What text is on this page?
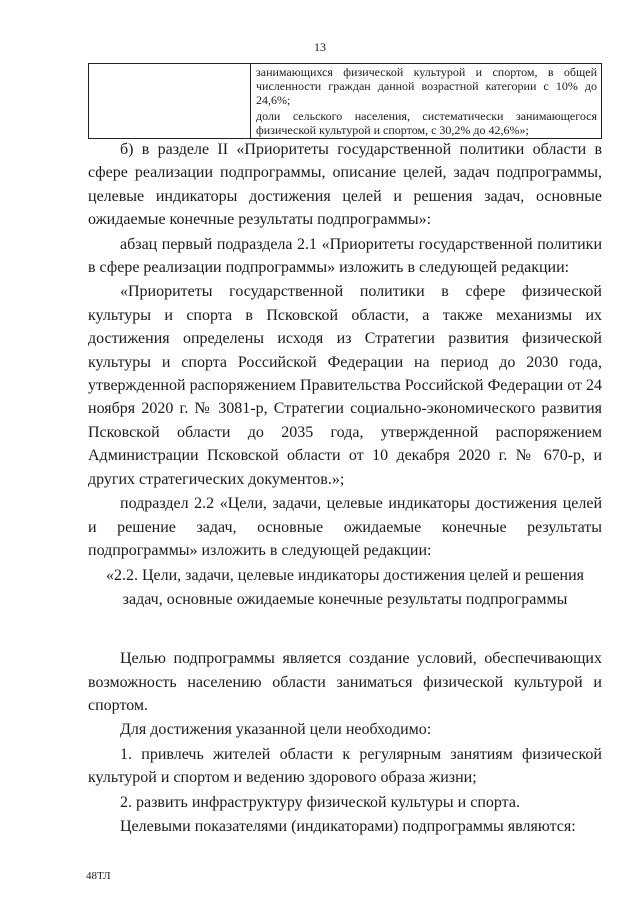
13

занимающихся физической культурой и спортом, в общей численности граждан данной возрастной категории с 10% до 24,6%;

доли сельского населения, систематически занимающегося физической культурой и спортом, с 30,2% до 42,6%»;

б) в разделе II «Приоритеты государственной политики области в сфере реализации подпрограммы, описание целей, задач подпрограммы, целевые индикаторы достижения целей и решения задач, основные ожидаемые конечные результаты подпрограммы»:

абзац первый подраздела 2.1 «Приоритеты государственной политики в сфере реализации подпрограммы» изложить в следующей редакции:

«Приоритеты государственной политики в сфере физической культуры и спорта в Псковской области, а также механизмы их достижения определены исходя из Стратегии развития физической культуры и спорта Российской Федерации на период до 2030 года, утвержденной распоряжением Правительства Российской Федерации от 24 ноября 2020 г. № 3081-р, Стратегии социально-экономического развития Псковской области до 2035 года, утвержденной распоряжением Администрации Псковской области от 10 декабря 2020 г. № 670-р, и других стратегических документов.»;

подраздел 2.2 «Цели, задачи, целевые индикаторы достижения целей и решение задач, основные ожидаемые конечные результаты подпрограммы» изложить в следующей редакции:

«2.2. Цели, задачи, целевые индикаторы достижения целей и решения
задач, основные ожидаемые конечные результаты подпрограммы

Целью подпрограммы является создание условий, обеспечивающих возможность населению области заниматься физической культурой и спортом.

Для достижения указанной цели необходимо:

1. привлечь жителей области к регулярным занятиям физической культурой и спортом и ведению здорового образа жизни;

2. развить инфраструктуру физической культуры и спорта.

Целевыми показателями (индикаторами) подпрограммы являются:

48ТЛ
